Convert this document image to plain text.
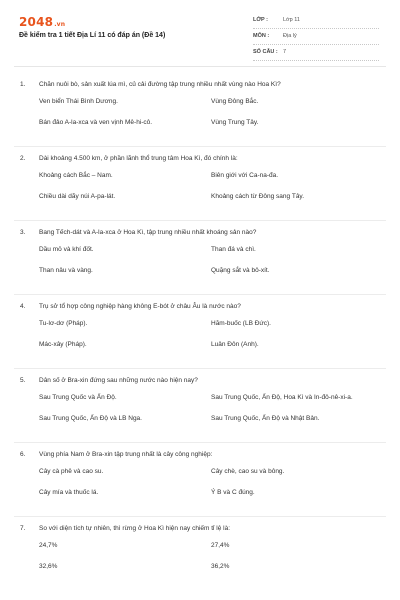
2048.vn
Đề kiểm tra 1 tiết Địa Lí 11 có đáp án (Đề 14)
LỚP :	Lớp 11
MÔN :	Địa lý
SỐ CÂU : 7
1. Chăn nuôi bò, sản xuất lúa mì, củ cải đường tập trung nhiều nhất vùng nào Hoa Kì?
Ven biển Thái Bình Dương.	Vùng Đông Bắc.
Bán đảo A-la-xca và ven vịnh Mê-hi-cô.	Vùng Trung Tây.
2. Dài khoảng 4.500 km, ở phần lãnh thổ trung tâm Hoa Kì, đó chính là:
Khoảng cách Bắc – Nam.	Biên giới với Ca-na-đa.
Chiều dài dãy núi A-pa-lát.	Khoảng cách từ Đông sang Tây.
3. Bang Tếch-dát và A-la-xca ở Hoa Kì, tập trung nhiều nhất khoáng sản nào?
Dầu mỏ và khí đốt.	Than đá và chì.
Than nâu và vàng.	Quặng sắt và bô-xít.
4. Trụ sở tổ hợp công nghiệp hàng không E-bót ở châu Âu là nước nào?
Tu-lơ-dơ (Pháp).	Hăm-buốc (LB Đức).
Mác-xây (Pháp).	Luân Đôn (Anh).
5. Dân số ở Bra-xin đứng sau những nước nào hiện nay?
Sau Trung Quốc và Ấn Độ.	Sau Trung Quốc, Ấn Độ, Hoa Kì và In-đô-nê-xi-a.
Sau Trung Quốc, Ấn Độ và LB Nga.	Sau Trung Quốc, Ấn Độ và Nhật Bản.
6. Vùng phía Nam ở Bra-xin tập trung nhất là cây công nghiệp:
Cây cà phê và cao su.	Cây chè, cao su và bông.
Cây mía và thuốc lá.	Ý B và C đúng.
7. So với diện tích tự nhiên, thì rừng ở Hoa Kì hiện nay chiếm tỉ lệ là:
24,7%	27,4%
32,6%	36,2%
